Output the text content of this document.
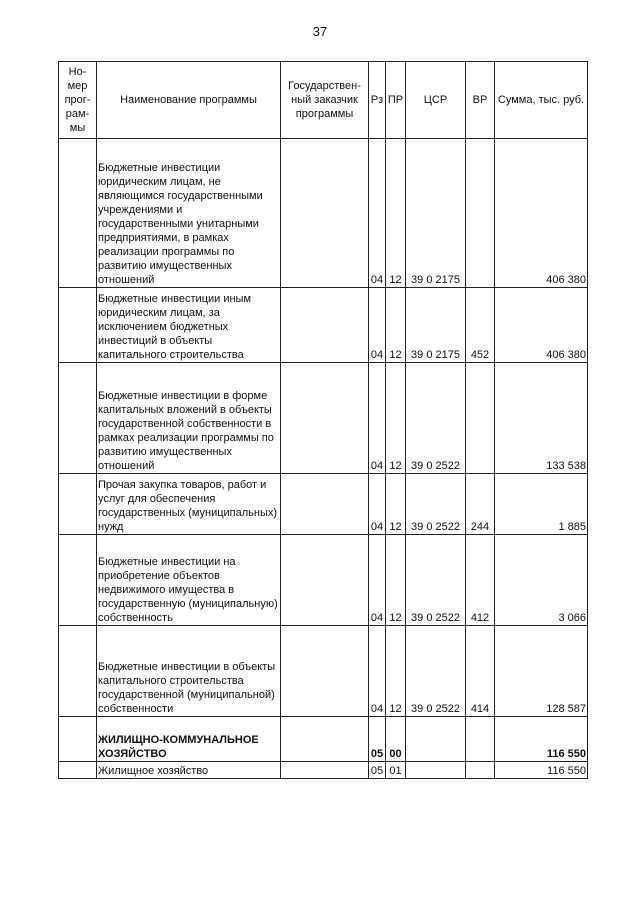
37
Но-мер прог-рам-мы	Наименование программы	Государствен-ный заказчик программы	Рз	ПР	ЦСР	ВР	Сумма, тыс. руб.
	Бюджетные инвестиции юридическим лицам, не являющимся государственными учреждениями и государственными унитарными предприятиями, в рамках реализации программы по развитию имущественных отношений		04	12	39 0 2175		406 380
	Бюджетные инвестиции иным юридическим лицам, за исключением бюджетных инвестиций в объекты капитального строительства		04	12	39 0 2175	452	406 380
	Бюджетные инвестиции в форме капитальных вложений в объекты государственной собственности в рамках реализации программы по развитию имущественных отношений		04	12	39 0 2522		133 538
	Прочая закупка товаров, работ и услуг для обеспечения государственных (муниципальных) нужд		04	12	39 0 2522	244	1 885
	Бюджетные инвестиции на приобретение объектов недвижимого имущества в государственную (муниципальную) собственность		04	12	39 0 2522	412	3 066
	Бюджетные инвестиции в объекты капитального строительства государственной (муниципальной) собственности		04	12	39 0 2522	414	128 587
	ЖИЛИЩНО-КОММУНАЛЬНОЕ ХОЗЯЙСТВО		05	00			116 550
	Жилищное хозяйство		05	01			116 550
